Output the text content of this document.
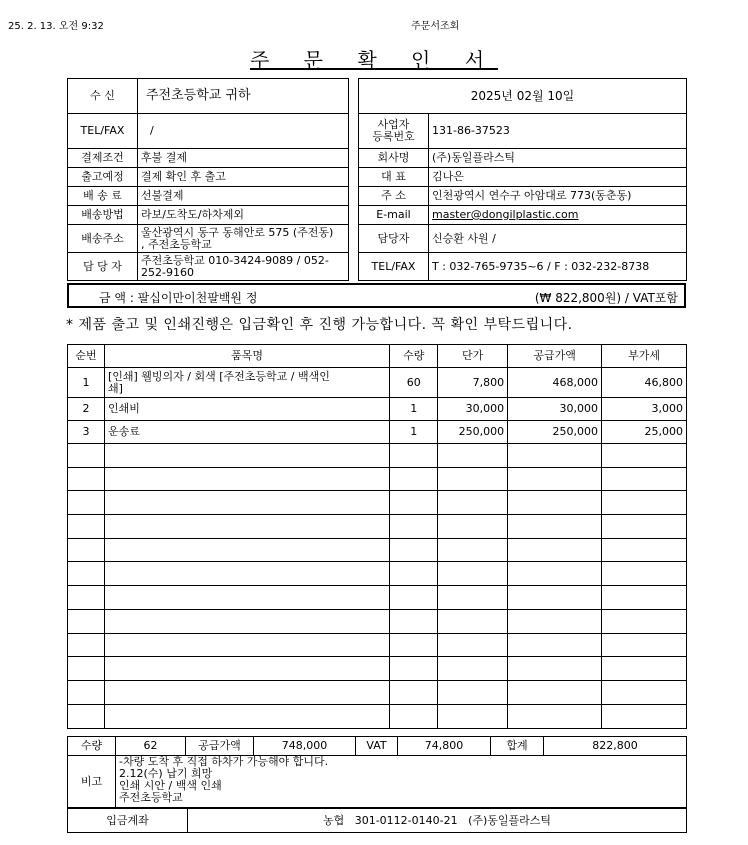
25. 2. 13. 오전 9:32	주문서조회
주 문 확 인 서
수 신	주전초등학교 귀하
TEL/FAX	/
결제조건	후불 결제
출고예정	결제 확인 후 출고
배 송 료	선불결제
배송방법	라보/도착도/하차제외
배송주소	울산광역시 동구 동해안로 575 (주전동)
, 주전초등학교

담 당 자	주전초등학교 010-3424-9089 / 052-252-9160
2025년 02월 10일	

사업자
등록번호	131-86-37523
회사명	(주)동일플라스틱
대 표	김나은
주 소	인천광역시 연수구 아암대로 773(동춘동)
E-mail	master@dongilplastic.com
담당자	신승환 사원 /
TEL/FAX	T : 032-765-9735~6 / F : 032-232-8738
금 액 : 팔십이만이천팔백원 정	(₩ 822,800원) / VAT포함
* 제품 출고 및 인쇄진행은 입금확인 후 진행 가능합니다. 꼭 확인 부탁드립니다.
순번	품목명	수량	단가	공급가액	부가세
1	[인쇄] 웰빙의자 / 회색 [주전초등학교 / 백색인
쇄]	60	7,800	468,000	46,800
2	인쇄비	1	30,000	30,000	3,000
3	운송료	1	250,000	250,000	25,000

수량	62	공급가액	748,000	VAT	74,800	합계	822,800
비고	
-차량 도착 후 직접 하차가 가능해야 합니다.
2.12(수) 납기 희망
인쇄 시안 / 백색 인쇄
주전초등학교
입금계좌	농협   301-0112-0140-21   (주)동일플라스틱
